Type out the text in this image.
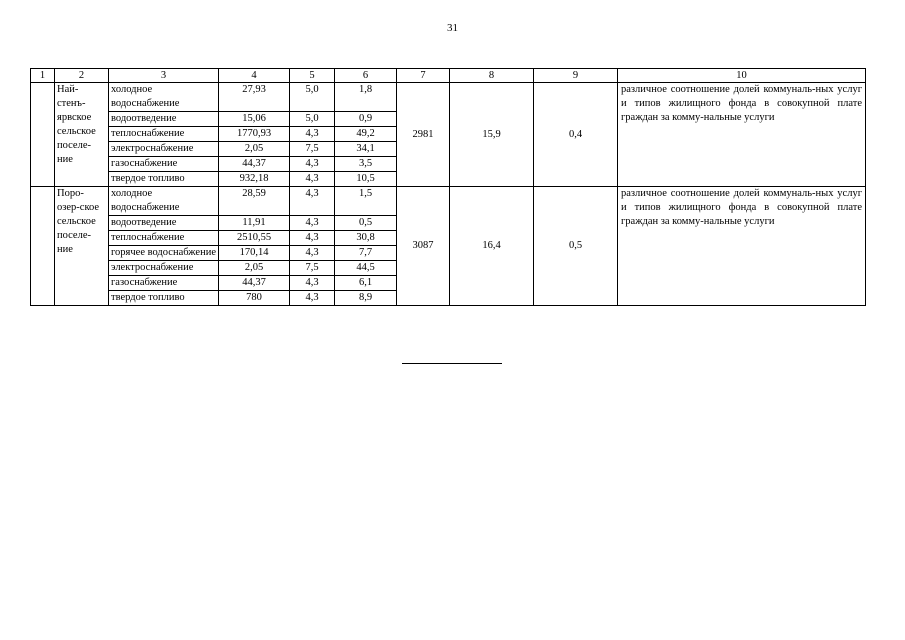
31
1	2	3	4	5	6	7	8	9	10
	Най-стенъ-ярвское сельское поселе-ние	холодное водоснабжение	27,93	5,0	1,8	2981	15,9	0,4	различное соотношение долей коммуналь-ных услуг и типов жилищного фонда в совокупной плате граждан за комму-нальные услуги
		водоотведение	15,06	5,0	0,9				
		теплоснабжение	1770,93	4,3	49,2				
		электроснабжение	2,05	7,5	34,1				
		газоснабжение	44,37	4,3	3,5				
		твердое топливо	932,18	4,3	10,5				
	Поро-озер-ское сельское поселе-ние	холодное водоснабжение	28,59	4,3	1,5	3087	16,4	0,5	различное соотношение долей коммуналь-ных услуг и типов жилищного фонда в совокупной плате граждан за комму-нальные услуги
		водоотведение	11,91	4,3	0,5				
		теплоснабжение	2510,55	4,3	30,8				
		горячее водоснабжение	170,14	4,3	7,7				
		электроснабжение	2,05	7,5	44,5				
		газоснабжение	44,37	4,3	6,1				
		твердое топливо	780	4,3	8,9				
